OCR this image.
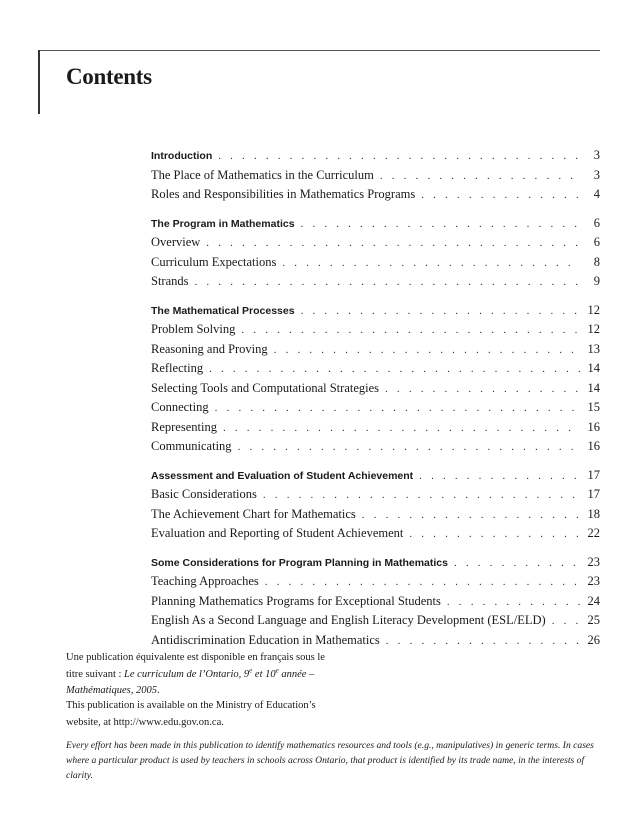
Contents
Introduction . . .	3
The Place of Mathematics in the Curriculum . . .	3
Roles and Responsibilities in Mathematics Programs . . .	4
The Program in Mathematics . . .	6
Overview . . .	6
Curriculum Expectations . . .	8
Strands . . .	9
The Mathematical Processes . . .	12
Problem Solving . . .	12
Reasoning and Proving . . .	13
Reflecting . . .	14
Selecting Tools and Computational Strategies . . .	14
Connecting . . .	15
Representing . . .	16
Communicating . . .	16
Assessment and Evaluation of Student Achievement . . .	17
Basic Considerations . . .	17
The Achievement Chart for Mathematics . . .	18
Evaluation and Reporting of Student Achievement . . .	22
Some Considerations for Program Planning in Mathematics . . .	23
Teaching Approaches . . .	23
Planning Mathematics Programs for Exceptional Students . . .	24
English As a Second Language and English Literacy Development (ESL/ELD) . . .	25
Antidiscrimination Education in Mathematics . . .	26
Une publication équivalente est disponible en français sous le titre suivant : Le curriculum de l’Ontario, 9e et 10e année – Mathématiques, 2005.
This publication is available on the Ministry of Education’s website, at http://www.edu.gov.on.ca.
Every effort has been made in this publication to identify mathematics resources and tools (e.g., manipulatives) in generic terms. In cases where a particular product is used by teachers in schools across Ontario, that product is identified by its trade name, in the interests of clarity.
